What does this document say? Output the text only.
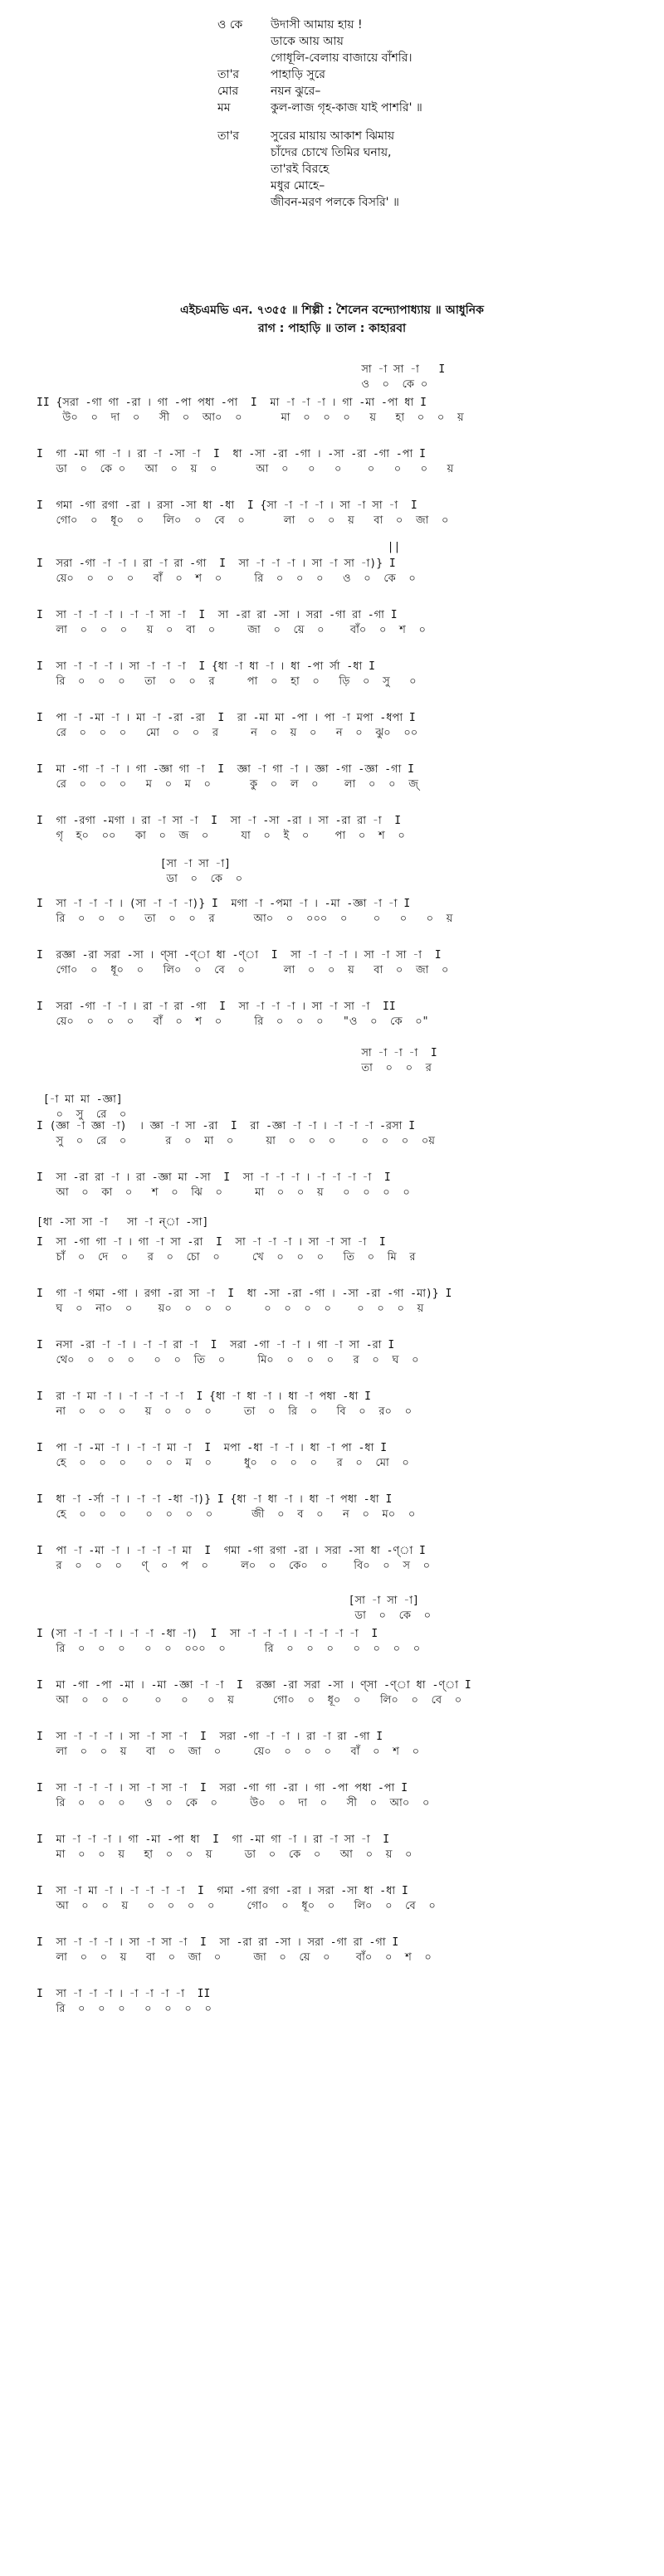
ও কে	উদাসী আমায় হায় !
ডাকে আয় আয়
গোধূলি-বেলায় বাজায়ে বাঁশরি।
তা'র	পাহাড়ি সুরে
মোর	নয়ন ঝুরে–
মম	কুল-লাজ গৃহ-কাজ যাই পাশরি' ॥
তা'র	সুরের মায়ায় আকাশ ঝিমায়
চাঁদের চোখে তিমির ঘনায়,
তা'রই বিরহে
মধুর মোহে–
জীবন-মরণ পলকে বিসরি' ॥
এইচএমভি এন. ৭৩৫৫ ॥ শিল্পী : শৈলেন বন্দ্যোপাধ্যায় ॥ আধুনিক
রাগ : পাহাড়ি ॥ তাল : কাহারবা
সা -া সা -া   I
ও  ০  কে ০
II {সরা -গা গা -রা । গা -পা পধা -পা  I  মা -া -া -া । গা -মা -পা ধা I
উ০  ০  দা  ০   সী  ০  আ০  ০      মা  ০  ০  ০   য়   হা  ০  ০  য়
I  গা -মা গা -া । রা -া -সা -া  I  ধা -সা -রা -গা । -সা -রা -গা -পা I
ডা  ০  কে ০   আ  ০  য়  ০      আ  ০   ০   ০    ০   ০   ০   য়
I  গমা -গা রগা -রা । রসা -সা ধা -ধা  I {সা -া -া -া । সা -া সা -া  I
গো০  ০  ধূ০  ০   লি০  ০  বে  ০      লা  ০  ০  য়   বা  ০  জা  ০
||
I  সরা -গা -া -া । রা -া রা -গা  I  সা -া -া -া । সা -া সা -া)} I
য়ে০  ০  ০  ০   বাঁ  ০  শ  ০     রি  ০  ০  ০   ও  ০  কে  ০
I  সা -া -া -া । -া -া সা -া  I  সা -রা রা -সা । সরা -গা রা -গা I
লা  ০  ০  ০   য়  ০  বা  ০     জা  ০  য়ে  ০    বাঁ০  ০  শ  ০
I  সা -া -া -া । সা -া -া -া  I {ধা -া ধা -া । ধা -পা র্সা -ধা I
রি  ০  ০  ০   তা  ০  ০  র     পা  ০  হা  ০   ড়ি  ০  সু   ০
I  পা -া -মা -া । মা -া -রা -রা  I  রা -মা মা -পা । পা -া মপা -ধপা I
রে  ০  ০  ০   মো  ০  ০  র     ন  ০  য়  ০   ন  ০  ঝু০  ০০
I  মা -গা -া -া । গা -জ্ঞা গা -া  I  জ্ঞা -া গা -া । জ্ঞা -গা -জ্ঞা -গা I
রে  ০  ০  ০   ম  ০  ম  ০      কু  ০  ল  ০    লা  ০  ০  জ্
I  গা -রগা -মগা । রা -া সা -া  I  সা -া -সা -রা । সা -রা রা -া  I
গৃ  হ০  ০০   কা  ০  জ  ০     যা  ০  ই  ০    পা  ০  শ  ০
[সা -া সা -া]
ডা  ০  কে  ০
I  সা -া -া -া । (সা -া -া -া)} I  মগা -া -পমা -া । -মা -জ্ঞা -া -া I
রি  ০  ০  ০   তা  ০  ০  র      আ০  ০  ০০০  ০    ০   ০   ০  য়
I  রজ্ঞা -রা সরা -সা । ণ্সা -ণ্া ধা -ণ্া  I  সা -া -া -া । সা -া সা -া  I
গো০  ০  ধূ০  ০   লি০  ০  বে  ০      লা  ০  ০  য়   বা  ০  জা  ০
I  সরা -গা -া -া । রা -া রা -গা  I  সা -া -া -া । সা -া সা -া  II
য়ে০  ০  ০  ০   বাঁ  ০  শ  ০     রি  ০  ০  ০   "ও  ০  কে  ০"
সা -া -া -া  I
তা  ০  ০  র
[-া মা মা -জ্ঞা]
০  সু  রে  ০
I (জ্ঞা -া জ্ঞা -া)  । জ্ঞা -া সা -রা  I  রা -জ্ঞা -া -া । -া -া -া -রসা I
সু  ০  রে  ০      র  ০  মা  ০     য়া  ০  ০  ০    ০  ০  ০  ০য়
I  সা -রা রা -া । রা -জ্ঞা মা -সা  I  সা -া -া -া । -া -া -া -া  I
আ  ০  কা  ০   শ  ০  ঝি  ০     মা  ০  ০  য়   ০  ০  ০  ০
[ধা -সা সা -া   সা -া ন্া -সা]
I  সা -গা গা -া । গা -া সা -রা  I  সা -া -া -া । সা -া সা -া  I
চাঁ  ০  দে  ০   র  ০  চো  ০     খে  ০  ০  ০   তি  ০  মি  র
I  গা -া গমা -গা । রগা -রা সা -া  I  ধা -সা -রা -গা । -সা -রা -গা -মা)} I
ঘ  ০  না০  ০    য়০  ০  ০  ০     ০  ০  ০  ০    ০  ০  ০  য়
I  নসা -রা -া -া । -া -া রা -া  I  সরা -গা -া -া । গা -া সা -রা I
থে০  ০  ০  ০   ০  ০  তি  ০     মি০  ০  ০  ০   র  ০  ঘ  ০
I  রা -া মা -া । -া -া -া -া  I {ধা -া ধা -া । ধা -া পধা -ধা I
না  ০  ০  ০   য়  ০  ০  ০     তা  ০  রি  ০   বি  ০  র০  ০
I  পা -া -মা -া । -া -া মা -া  I  মপা -ধা -া -া । ধা -া পা -ধা I
হে  ০  ০  ০   ০  ০  ম  ০     ধু০  ০  ০  ০   র  ০  মো  ০
I  ধা -া -র্সা -া । -া -া -ধা -া)} I {ধা -া ধা -া । ধা -া পধা -ধা I
হে  ০  ০  ০   ০  ০  ০  ০      জী  ০  ব  ০   ন  ০  ম০  ০
I  পা -া -মা -া । -া -া -া মা  I  গমা -গা রগা -রা । সরা -সা ধা -ণ্া I
র  ০  ০  ০   ণ্  ০  প  ০     ল০  ০  কে০  ০    বি০  ০  স  ০
[সা -া সা -া]
ডা  ০  কে  ০
I (সা -া -া -া । -া -া -ধা -া)  I  সা -া -া -া । -া -া -া -া  I
রি  ০  ০  ০   ০  ০  ০০০  ০      রি  ০  ০  ০   ০  ০  ০  ০
I  মা -গা -পা -মা । -মা -জ্ঞা -া -া  I  রজ্ঞা -রা সরা -সা । ণ্সা -ণ্া ধা -ণ্া I
আ  ০  ০  ০    ০   ০   ০  য়      গো০  ০  ধূ০  ০   লি০  ০  বে  ০
I  সা -া -া -া । সা -া সা -া  I  সরা -গা -া -া । রা -া রা -গা I
লা  ০  ০  য়   বা  ০  জা  ০     য়ে০  ০  ০  ০   বাঁ  ০  শ  ০
I  সা -া -া -া । সা -া সা -া  I  সরা -গা গা -রা । গা -পা পধা -পা I
রি  ০  ০  ০   ও  ০  কে  ০     উ০  ০  দা  ০   সী  ০  আ০  ০
I  মা -া -া -া । গা -মা -পা ধা  I  গা -মা গা -া । রা -া সা -া  I
মা  ০  ০  য়   হা  ০  ০  য়     ডা  ০  কে  ০   আ  ০  য়  ০
I  সা -া মা -া । -া -া -া -া  I  গমা -গা রগা -রা । সরা -সা ধা -ধা I
আ  ০  ০  য়   ০  ০  ০  ০     গো০  ০  ধূ০  ০   লি০  ০  বে  ০
I  সা -া -া -া । সা -া সা -া  I  সা -রা রা -সা । সরা -গা রা -গা I
লা  ০  ০  য়   বা  ০  জা  ০     জা  ০  য়ে  ০    বাঁ০  ০  শ  ০
I  সা -া -া -া । -া -া -া -া  II
রি  ০  ০  ০   ০  ০  ০  ০
